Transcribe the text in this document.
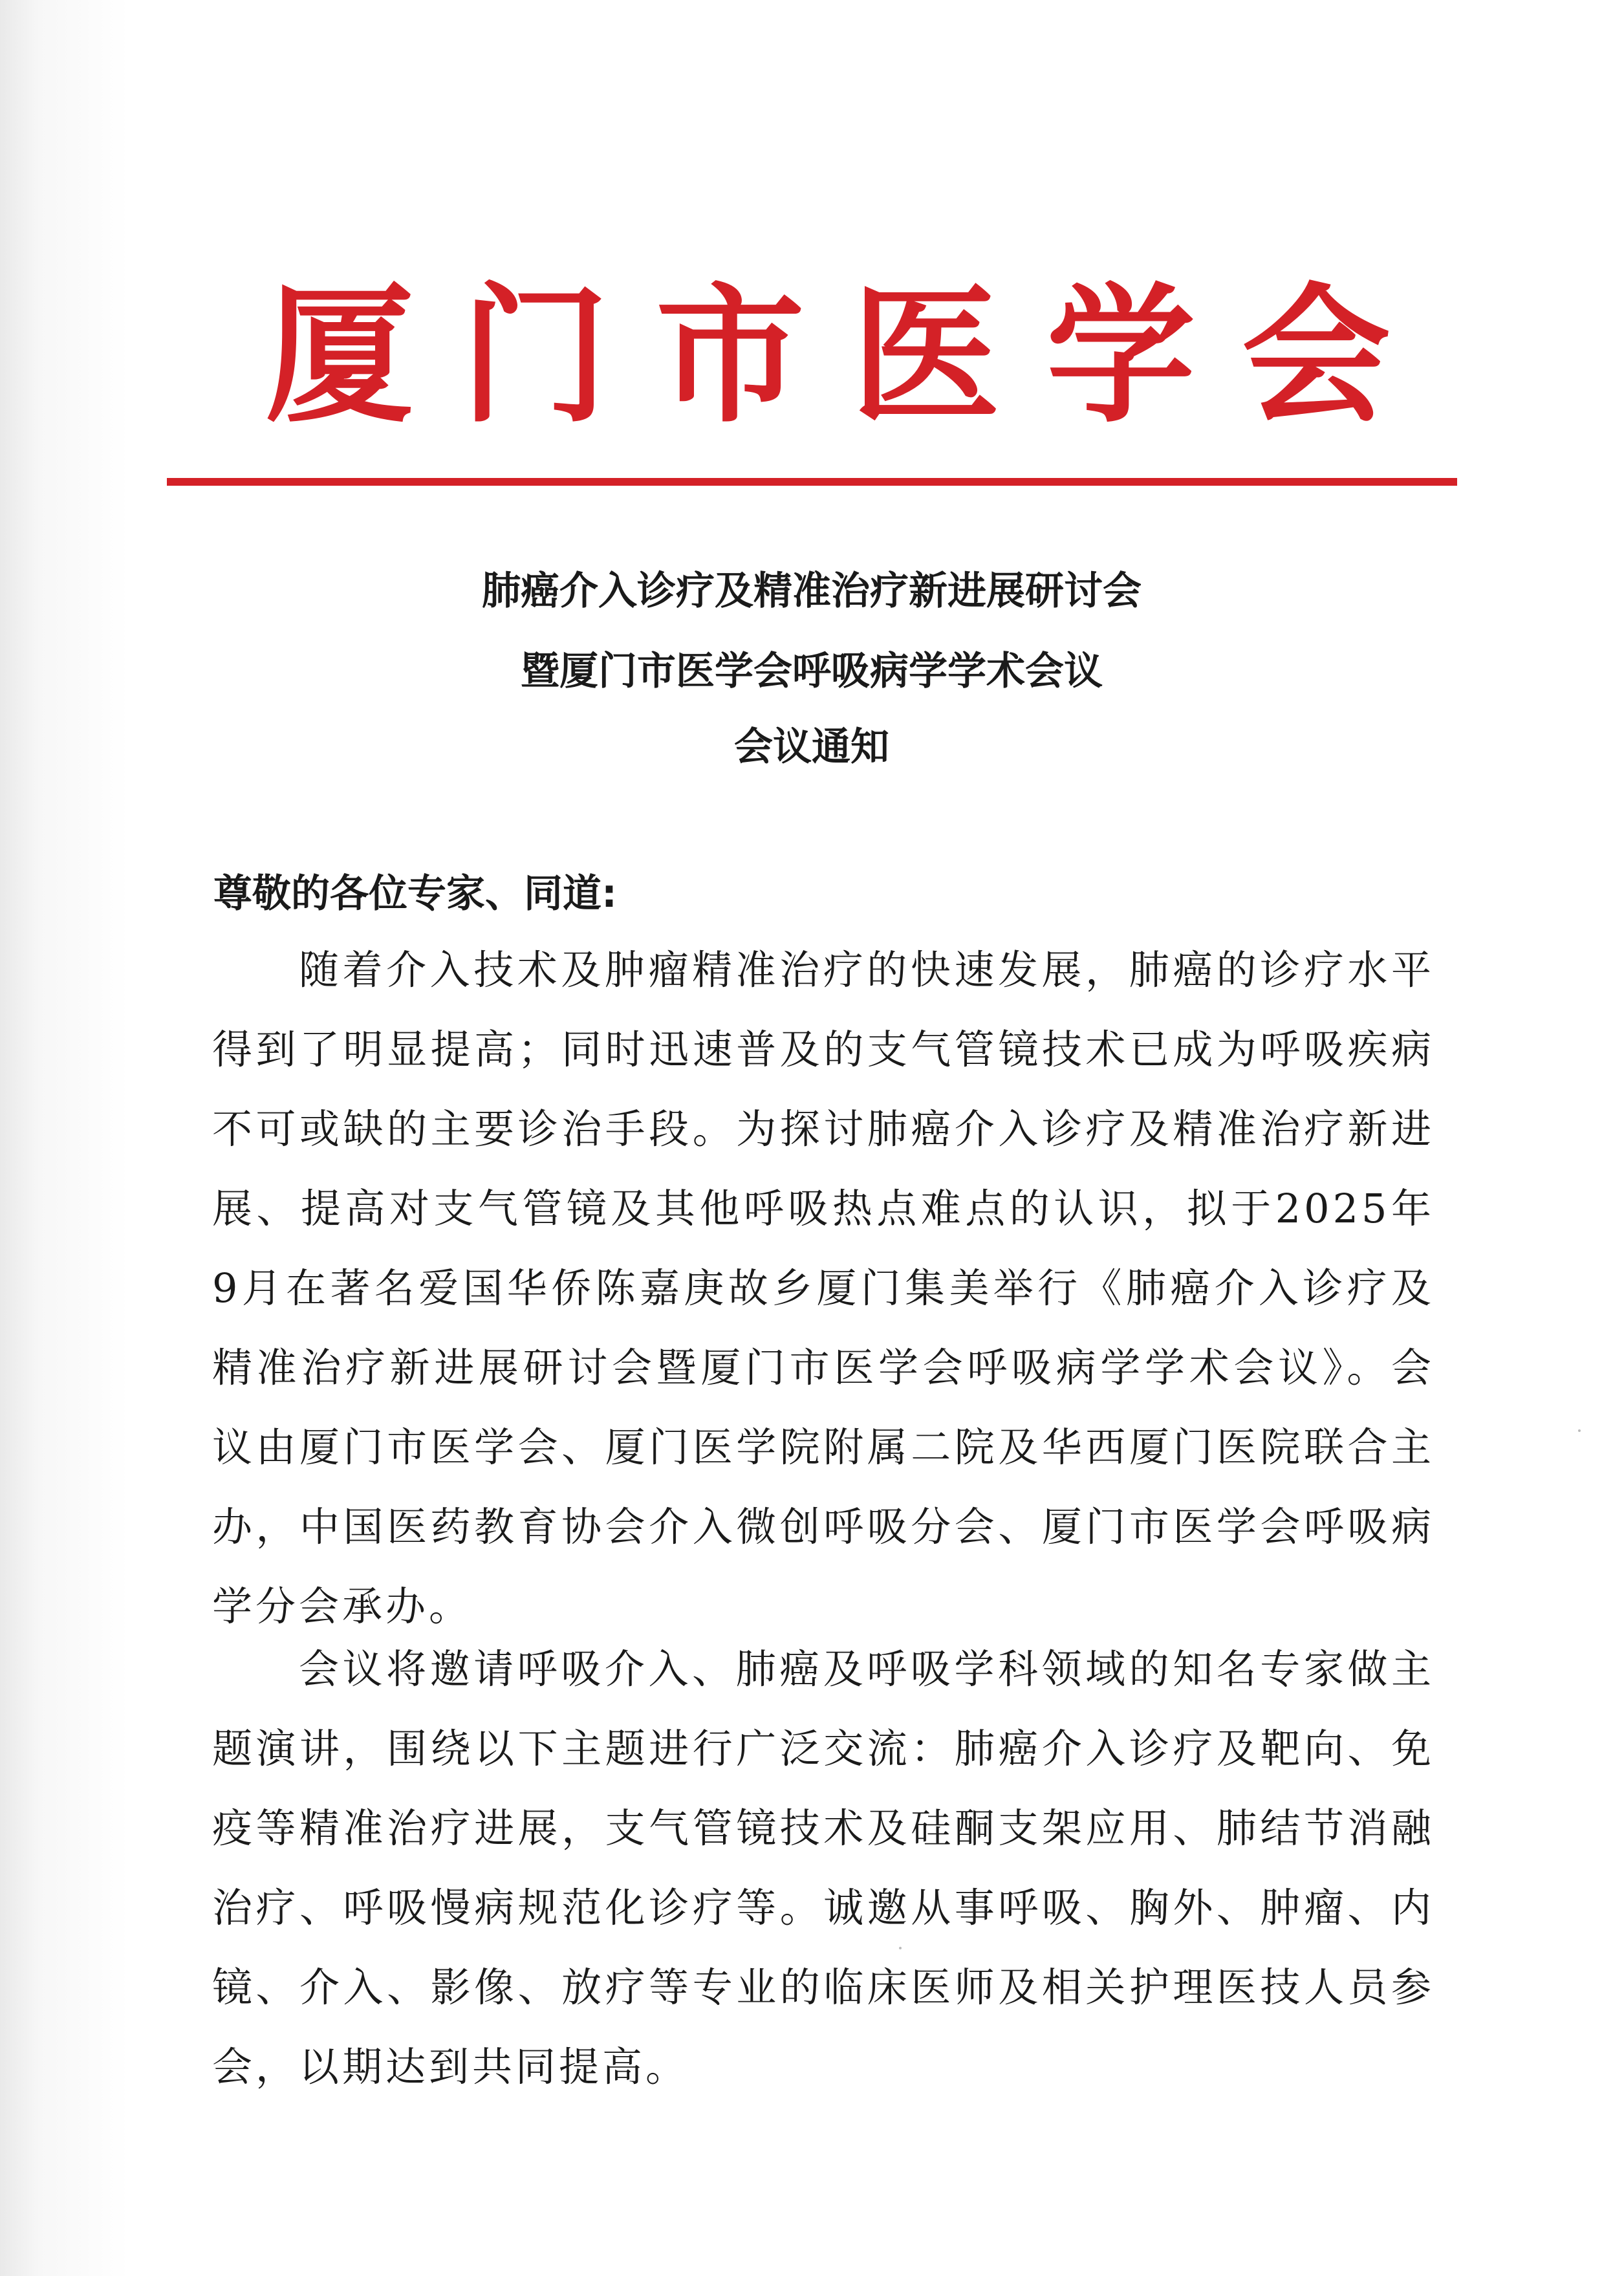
厦 门 市 医 学 会
肺癌介入诊疗及精准治疗新进展研讨会
暨厦门市医学会呼吸病学学术会议
会议通知

尊敬的各位专家、同道:

随着介入技术及肿瘤精准治疗的快速发展，肺癌的诊疗水平得到了明显提高；同时迅速普及的支气管镜技术已成为呼吸疾病不可或缺的主要诊治手段。为探讨肺癌介入诊疗及精准治疗新进展、提高对支气管镜及其他呼吸热点难点的认识，拟于2025年9月在著名爱国华侨陈嘉庚故乡厦门集美举行《肺癌介入诊疗及精准治疗新进展研讨会暨厦门市医学会呼吸病学学术会议》。会议由厦门市医学会、厦门医学院附属二院及华西厦门医院联合主办，中国医药教育协会介入微创呼吸分会、厦门市医学会呼吸病学分会承办。

会议将邀请呼吸介入、肺癌及呼吸学科领域的知名专家做主题演讲，围绕以下主题进行广泛交流：肺癌介入诊疗及靶向、免疫等精准治疗进展，支气管镜技术及硅酮支架应用、肺结节消融治疗、呼吸慢病规范化诊疗等。诚邀从事呼吸、胸外、肿瘤、内镜、介入、影像、放疗等专业的临床医师及相关护理医技人员参会，以期达到共同提高。
